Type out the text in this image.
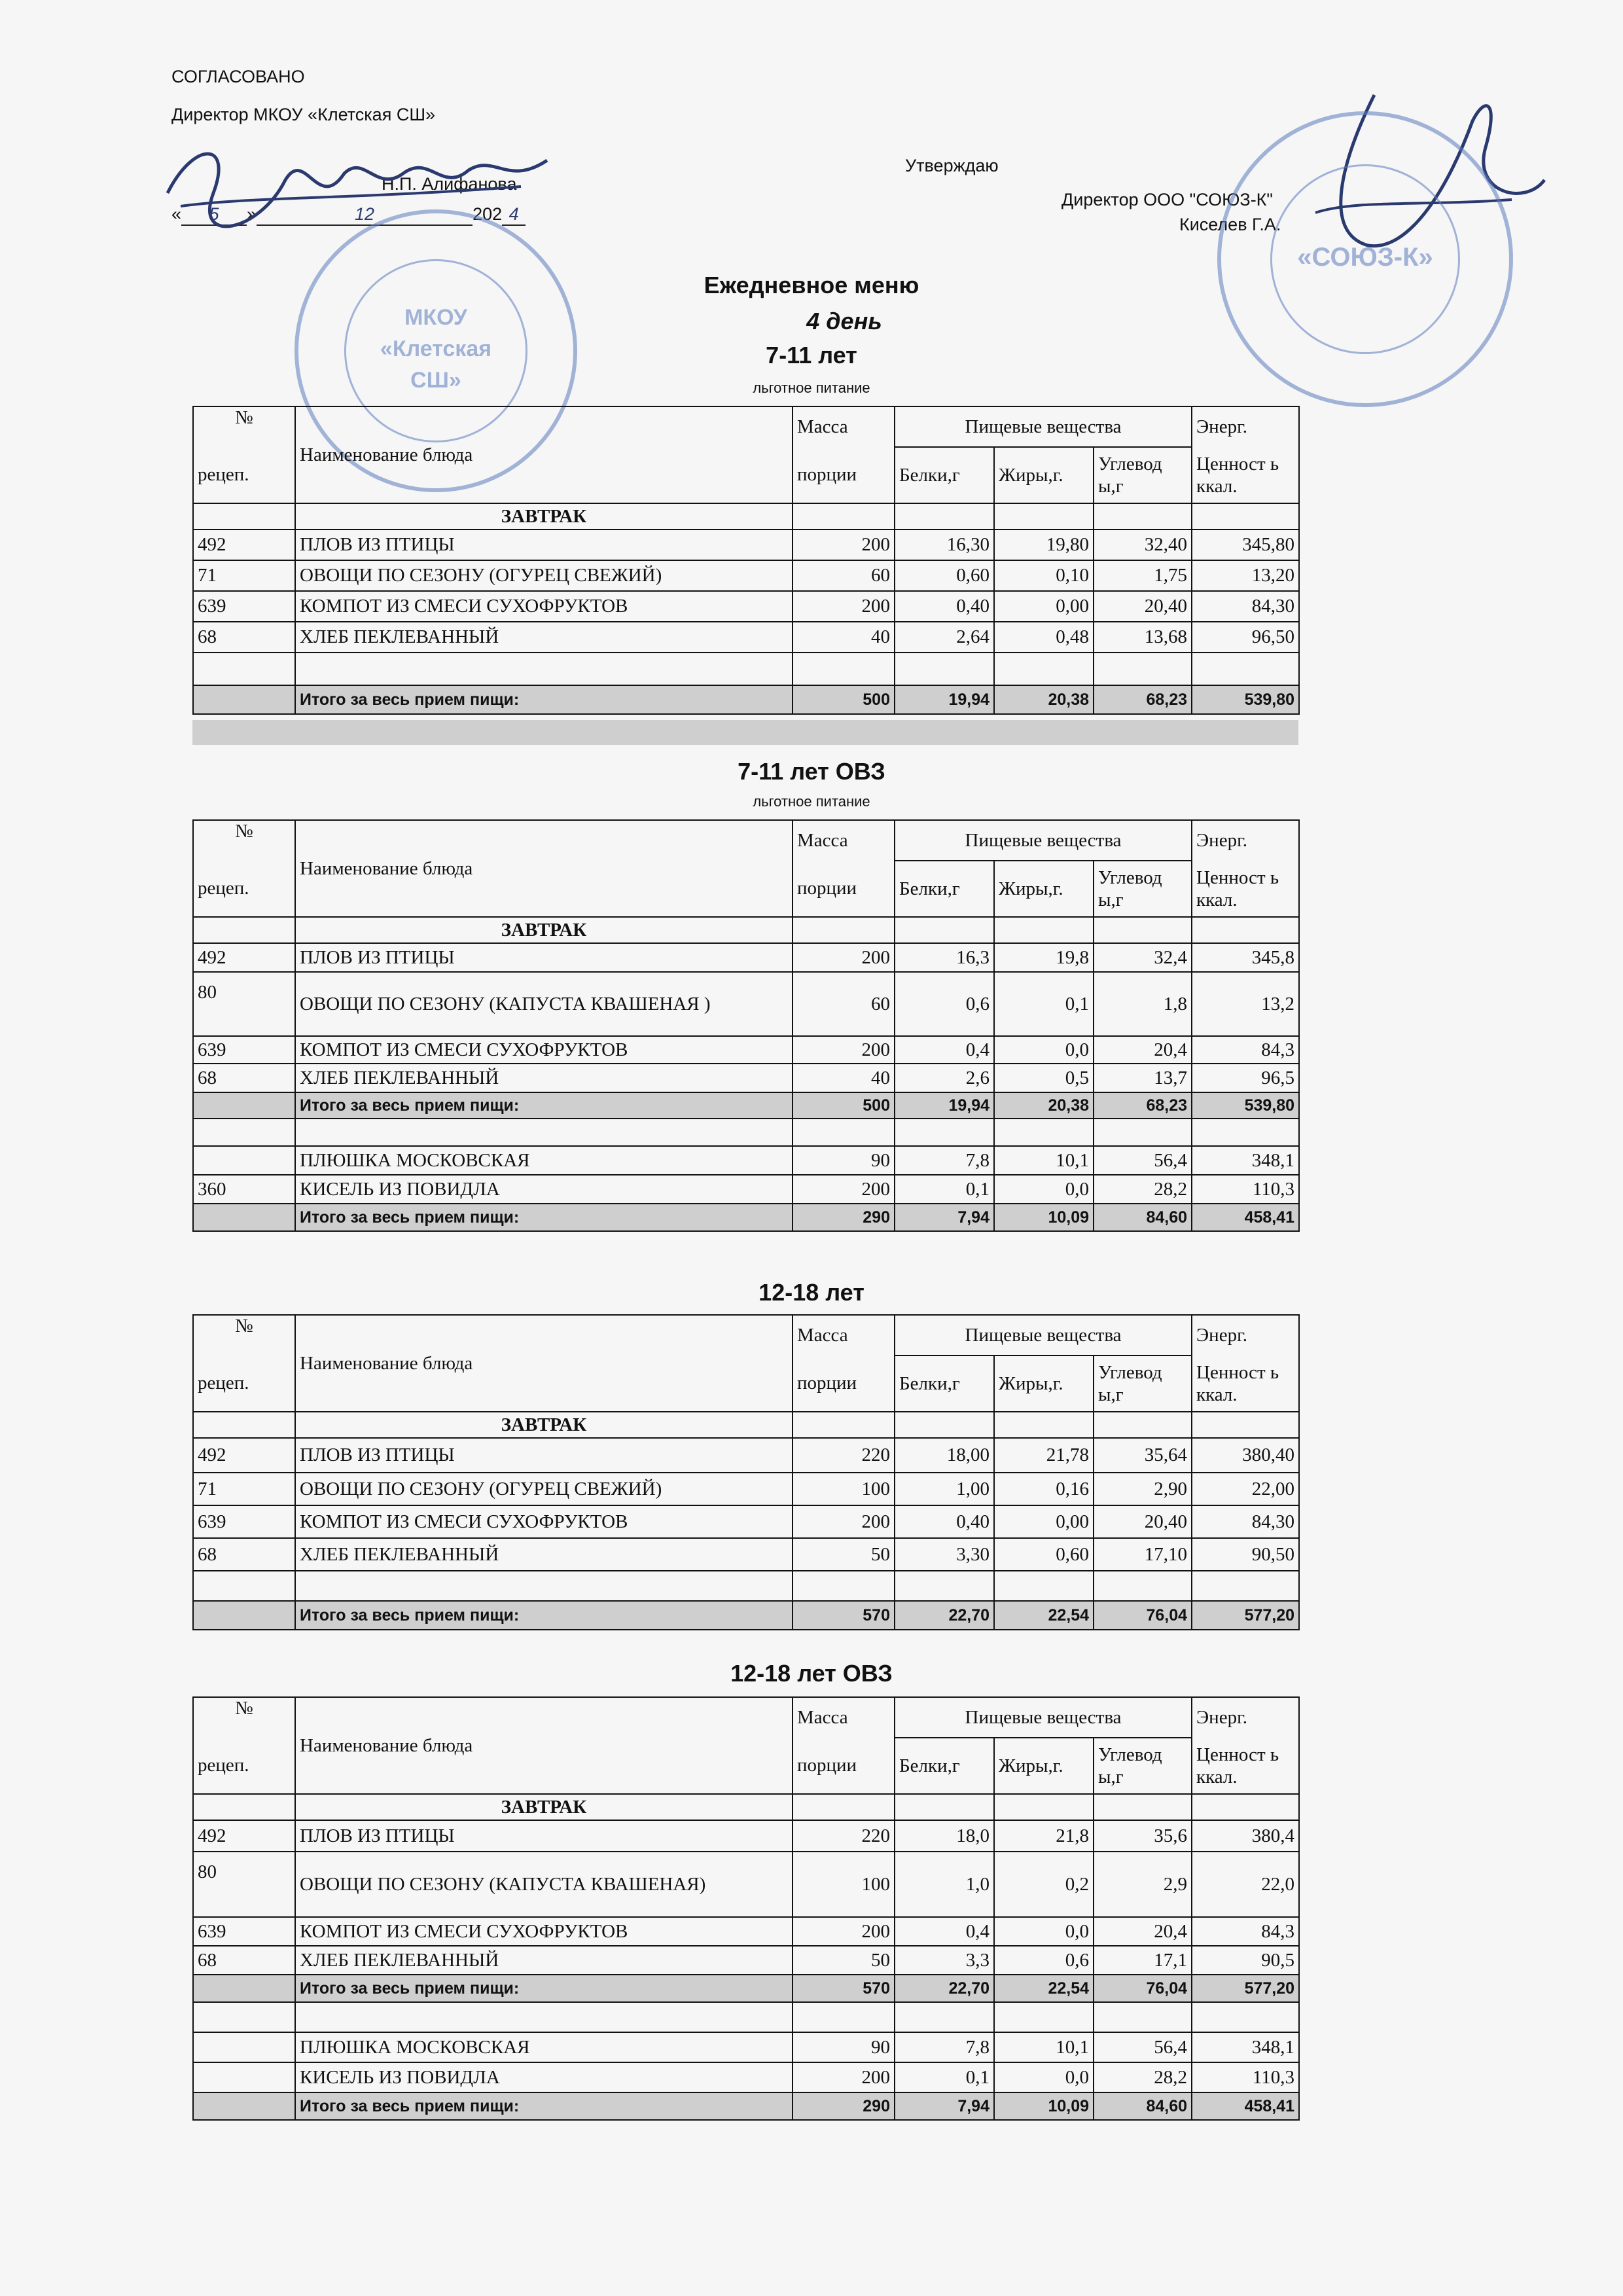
СОГЛАСОВАНО
Директор МКОУ «Клетская СШ»
Н.П. Алифанова
« 5 »	12	202 4
Утверждаю
Директор ООО "СОЮЗ-К"
Киселев Г.А.
МКОУ «Клетская СШ»
«СОЮЗ-К»
Ежедневное меню
4 день
7-11 лет
льготное питание
7-11 лет ОВЗ
льготное питание
12-18 лет
12-18 лет ОВЗ
№	Наименование блюда	Масса	Пищевые вещества			Энерг.
рецеп.		порции	Белки,г	Жиры,г.	Углевод ы,г	Ценност ь ккал.
	ЗАВТРАК					
492	ПЛОВ ИЗ ПТИЦЫ	200	16,30	19,80	32,40	345,80
71	ОВОЩИ ПО СЕЗОНУ (ОГУРЕЦ СВЕЖИЙ)	60	0,60	0,10	1,75	13,20
639	КОМПОТ ИЗ СМЕСИ СУХОФРУКТОВ	200	0,40	0,00	20,40	84,30
68	ХЛЕБ ПЕКЛЕВАННЫЙ	40	2,64	0,48	13,68	96,50

	Итого за весь прием пищи:	500	19,94	20,38	68,23	539,80
№	Наименование блюда	Масса	Пищевые вещества			Энерг.
рецеп.		порции	Белки,г	Жиры,г.	Углевод ы,г	Ценност ь ккал.
	ЗАВТРАК					
492	ПЛОВ ИЗ ПТИЦЫ	200	16,3	19,8	32,4	345,8
80	ОВОЩИ ПО СЕЗОНУ (КАПУСТА КВАШЕНАЯ )	60	0,6	0,1	1,8	13,2
639	КОМПОТ ИЗ СМЕСИ СУХОФРУКТОВ	200	0,4	0,0	20,4	84,3
68	ХЛЕБ ПЕКЛЕВАННЫЙ	40	2,6	0,5	13,7	96,5
	Итого за весь прием пищи:	500	19,94	20,38	68,23	539,80

	ПЛЮШКА МОСКОВСКАЯ	90	7,8	10,1	56,4	348,1
360	КИСЕЛЬ ИЗ ПОВИДЛА	200	0,1	0,0	28,2	110,3
	Итого за весь прием пищи:	290	7,94	10,09	84,60	458,41
№	Наименование блюда	Масса	Пищевые вещества			Энерг.
рецеп.		порции	Белки,г	Жиры,г.	Углевод ы,г	Ценност ь ккал.
	ЗАВТРАК					
492	ПЛОВ ИЗ ПТИЦЫ	220	18,00	21,78	35,64	380,40
71	ОВОЩИ ПО СЕЗОНУ (ОГУРЕЦ СВЕЖИЙ)	100	1,00	0,16	2,90	22,00
639	КОМПОТ ИЗ СМЕСИ СУХОФРУКТОВ	200	0,40	0,00	20,40	84,30
68	ХЛЕБ ПЕКЛЕВАННЫЙ	50	3,30	0,60	17,10	90,50

	Итого за весь прием пищи:	570	22,70	22,54	76,04	577,20
№	Наименование блюда	Масса	Пищевые вещества			Энерг.
рецеп.		порции	Белки,г	Жиры,г.	Углевод ы,г	Ценност ь ккал.
	ЗАВТРАК					
492	ПЛОВ ИЗ ПТИЦЫ	220	18,0	21,8	35,6	380,4
80	ОВОЩИ ПО СЕЗОНУ (КАПУСТА КВАШЕНАЯ)	100	1,0	0,2	2,9	22,0
639	КОМПОТ ИЗ СМЕСИ СУХОФРУКТОВ	200	0,4	0,0	20,4	84,3
68	ХЛЕБ ПЕКЛЕВАННЫЙ	50	3,3	0,6	17,1	90,5
	Итого за весь прием пищи:	570	22,70	22,54	76,04	577,20

	ПЛЮШКА МОСКОВСКАЯ	90	7,8	10,1	56,4	348,1
	КИСЕЛЬ ИЗ ПОВИДЛА	200	0,1	0,0	28,2	110,3
	Итого за весь прием пищи:	290	7,94	10,09	84,60	458,41
